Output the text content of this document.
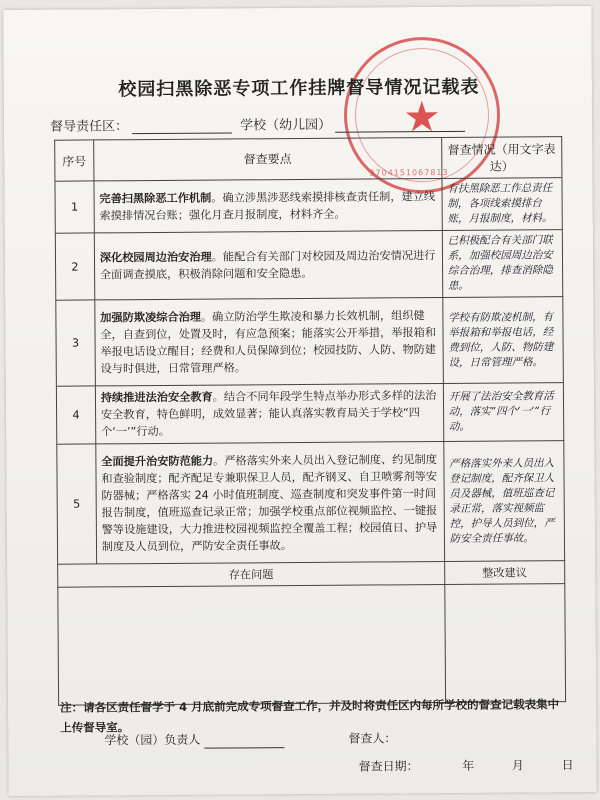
★
3704151067813
校园扫黑除恶专项工作挂牌督导情况记载表
督导责任区：	学校（幼儿园）
序号	督查要点	督查情况（用文字表达）
1	完善扫黑除恶工作机制。确立涉黑涉恶线索摸排核查责任制，建立线索摸排情况台账；强化月查月报制度，材料齐全。	有扶黑除恶工作总责任制，各项线索摸排台账，月报制度，材料。
2	深化校园周边治安治理。能配合有关部门对校园及周边治安情况进行全面调查摸底，积极消除问题和安全隐患。	已积极配合有关部门联系，加强校园周边治安综合治理，排查消除隐患。
3	加强防欺凌综合治理。确立防治学生欺凌和暴力长效机制，组织健全，自查到位，处置及时，有应急预案；能落实公开举措，举报箱和举报电话设立醒目；经费和人员保障到位；校园技防、人防、物防建设与时俱进，日常管理严格。	学校有防欺凌机制，有举报箱和举报电话，经费到位，人防、物防建设，日常管理严格。
4	持续推进法治安全教育。结合不同年段学生特点举办形式多样的法治安全教育，特色鲜明，成效显著；能认真落实教育局关于学校“四个‘一’”行动。	开展了法治安全教育活动，落实“四个‘一’”行动。
5	全面提升治安防范能力。严格落实外来人员出入登记制度、约见制度和查验制度；配齐配足专兼职保卫人员，配齐钢叉、自卫喷雾剂等安防器械；严格落实 24 小时值班制度、巡查制度和突发事件第一时间报告制度，值班巡查记录正常；加强学校重点部位视频监控、一键报警等设施建设，大力推进校园视频监控全覆盖工程；校园值日、护导制度及人员到位，严防安全责任事故。	严格落实外来人员出入登记制度，配齐保卫人员及器械，值班巡查记录正常，落实视频监控，护导人员到位，严防安全责任事故。
存在问题		整改建议

注：请各区责任督学于 4 月底前完成专项督查工作，并及时将责任区内每所学校的督查记载表集中上传督导室。
学校（园）负责人	督查人：
督查日期：	年	月	日
